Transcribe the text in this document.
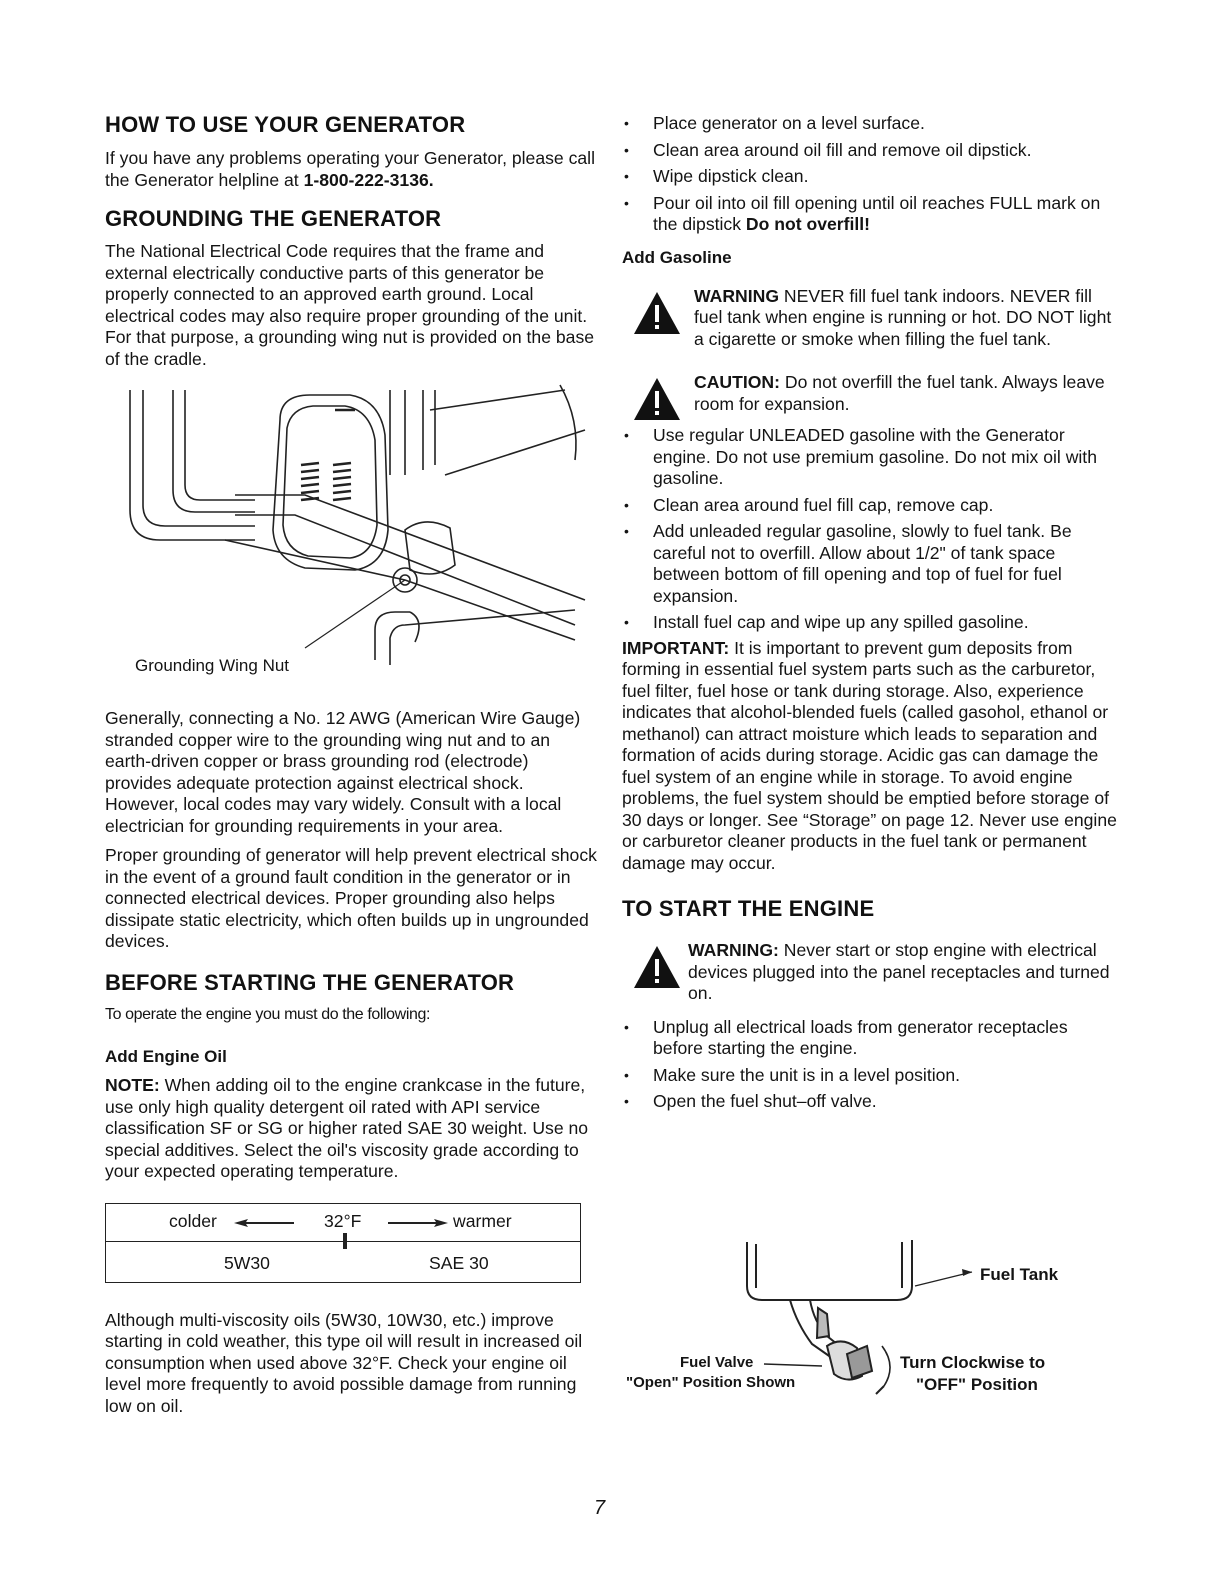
HOW TO USE YOUR GENERATOR

If you have any problems operating your Generator, please call the Generator helpline at 1-800-222-3136.

GROUNDING THE GENERATOR

The National Electrical Code requires that the frame and external electrically conductive parts of this generator be properly connected to an approved earth ground. Local electrical codes may also require proper grounding of the unit. For that purpose, a grounding wing nut is provided on the base of the cradle.

Grounding Wing Nut

Generally, connecting a No. 12 AWG (American Wire Gauge) stranded copper wire to the grounding wing nut and to an earth-driven copper or brass grounding rod (electrode) provides adequate protection against electrical shock. However, local codes may vary widely. Consult with a local electrician for grounding requirements in your area.

Proper grounding of generator will help prevent electrical shock in the event of a ground fault condition in the generator or in connected electrical devices. Proper grounding also helps dissipate static electricity, which often builds up in ungrounded devices.

BEFORE STARTING THE GENERATOR

To operate the engine you must do the following:

Add Engine Oil

NOTE: When adding oil to the engine crankcase in the future, use only high quality detergent oil rated with API service classification SF or SG or higher rated SAE 30 weight. Use no special additives. Select the oil's viscosity grade according to your expected operating temperature.

colder	32°F	warmer
5W30	SAE 30

Although multi-viscosity oils (5W30, 10W30, etc.) improve starting in cold weather, this type oil will result in increased oil consumption when used above 32°F. Check your engine oil level more frequently to avoid possible damage from running low on oil.

• Place generator on a level surface.
• Clean area around oil fill and remove oil dipstick.
• Wipe dipstick clean.
• Pour oil into oil fill opening until oil reaches FULL mark on the dipstick Do not overfill!
Add Gasoline
WARNING NEVER fill fuel tank indoors. NEVER fill fuel tank when engine is running or hot. DO NOT light a cigarette or smoke when filling the fuel tank.
CAUTION: Do not overfill the fuel tank. Always leave room for expansion.
• Use regular UNLEADED gasoline with the Generator engine. Do not use premium gasoline. Do not mix oil with gasoline.
• Clean area around fuel fill cap, remove cap.
• Add unleaded regular gasoline, slowly to fuel tank. Be careful not to overfill. Allow about 1/2" of tank space between bottom of fill opening and top of fuel for fuel expansion.
• Install fuel cap and wipe up any spilled gasoline.

IMPORTANT: It is important to prevent gum deposits from forming in essential fuel system parts such as the carburetor, fuel filter, fuel hose or tank during storage. Also, experience indicates that alcohol-blended fuels (called gasohol, ethanol or methanol) can attract moisture which leads to separation and formation of acids during storage. Acidic gas can damage the fuel system of an engine while in storage. To avoid engine problems, the fuel system should be emptied before storage of 30 days or longer. See “Storage” on page 12. Never use engine or carburetor cleaner products in the fuel tank or permanent damage may occur.

TO START THE ENGINE
WARNING: Never start or stop engine with electrical devices plugged into the panel receptacles and turned on.
• Unplug all electrical loads from generator receptacles before starting the engine.
• Make sure the unit is in a level position.
• Open the fuel shut–off valve.
Fuel Tank
Fuel Valve
"Open" Position Shown
Turn Clockwise to
"OFF" Position
7
